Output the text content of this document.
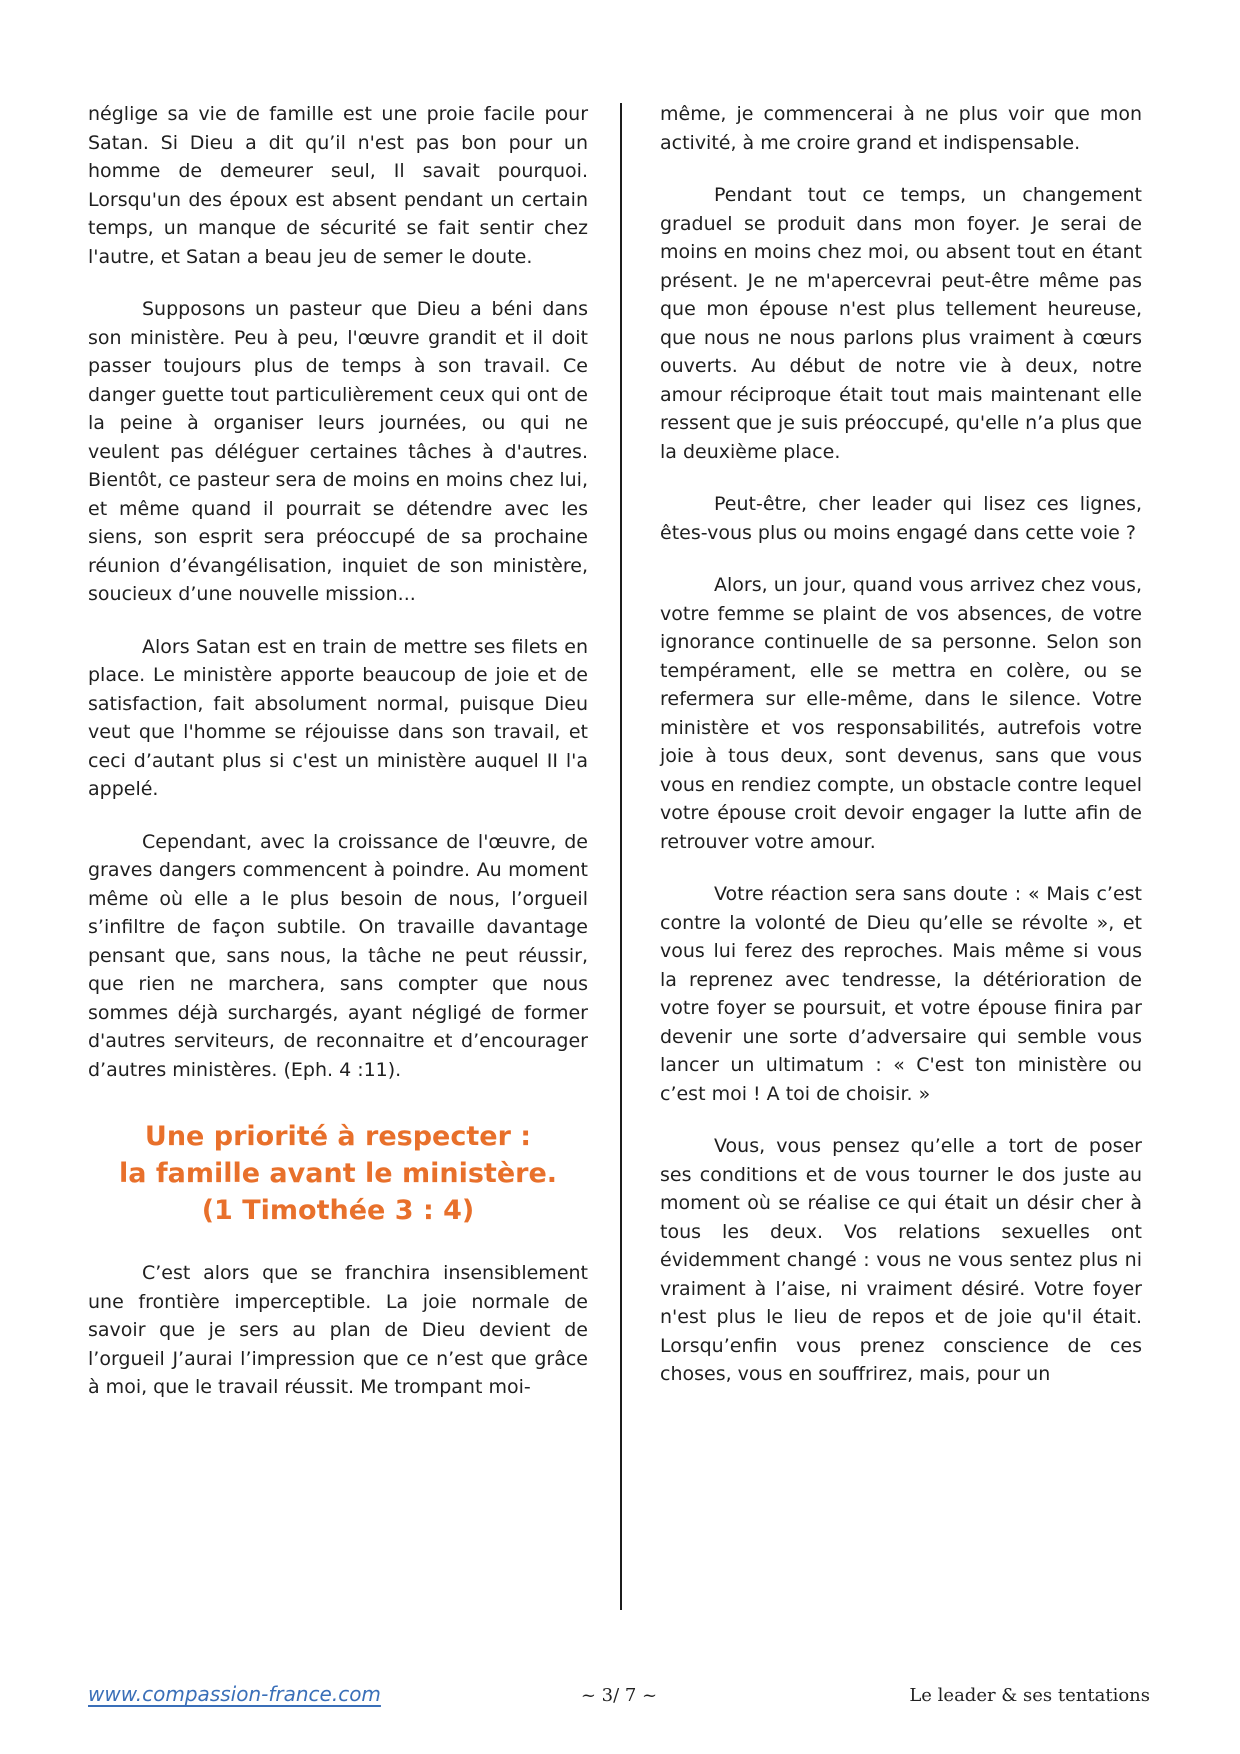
néglige sa vie de famille est une proie facile pour Satan. Si Dieu a dit qu’il n'est pas bon pour un homme de demeurer seul, Il savait pourquoi. Lorsqu'un des époux est absent pendant un certain temps, un manque de sécurité se fait sentir chez l'autre, et Satan a beau jeu de semer le doute.

Supposons un pasteur que Dieu a béni dans son ministère. Peu à peu, l'œuvre grandit et il doit passer toujours plus de temps à son travail. Ce danger guette tout particulièrement ceux qui ont de la peine à organiser leurs journées, ou qui ne veulent pas déléguer certaines tâches à d'autres. Bientôt, ce pasteur sera de moins en moins chez lui, et même quand il pourrait se détendre avec les siens, son esprit sera préoccupé de sa prochaine réunion d’évangélisation, inquiet de son ministère, soucieux d’une nouvelle mission...

Alors Satan est en train de mettre ses filets en place. Le ministère apporte beaucoup de joie et de satisfaction, fait absolument normal, puisque Dieu veut que l'homme se réjouisse dans son travail, et ceci d’autant plus si c'est un ministère auquel II l'a appelé.

Cependant, avec la croissance de l'œuvre, de graves dangers commencent à poindre. Au moment même où elle a le plus besoin de nous, l’orgueil s’infiltre de façon subtile. On travaille davantage pensant que, sans nous, la tâche ne peut réussir, que rien ne marchera, sans compter que nous sommes déjà surchargés, ayant négligé de former d'autres serviteurs, de reconnaitre et d’encourager d’autres ministères. (Eph. 4 :11).

Une priorité à respecter :
la famille avant le ministère.
(1 Timothée 3 : 4)

C’est alors que se franchira insensiblement une frontière imperceptible. La joie normale de savoir que je sers au plan de Dieu devient de l’orgueil J’aurai l’impression que ce n’est que grâce à moi, que le travail réussit. Me trompant moi-

même, je commencerai à ne plus voir que mon activité, à me croire grand et indispensable.

Pendant tout ce temps, un changement graduel se produit dans mon foyer. Je serai de moins en moins chez moi, ou absent tout en étant présent. Je ne m'apercevrai peut-être même pas que mon épouse n'est plus tellement heureuse, que nous ne nous parlons plus vraiment à cœurs ouverts. Au début de notre vie à deux, notre amour réciproque était tout mais maintenant elle ressent que je suis préoccupé, qu'elle n’a plus que la deuxième place.

Peut-être, cher leader qui lisez ces lignes, êtes-vous plus ou moins engagé dans cette voie ?

Alors, un jour, quand vous arrivez chez vous, votre femme se plaint de vos absences, de votre ignorance continuelle de sa personne. Selon son tempérament, elle se mettra en colère, ou se refermera sur elle-même, dans le silence. Votre ministère et vos responsabilités, autrefois votre joie à tous deux, sont devenus, sans que vous vous en rendiez compte, un obstacle contre lequel votre épouse croit devoir engager la lutte afin de retrouver votre amour.

Votre réaction sera sans doute : « Mais c’est contre la volonté de Dieu qu’elle se révolte », et vous lui ferez des reproches. Mais même si vous la reprenez avec tendresse, la détérioration de votre foyer se poursuit, et votre épouse finira par devenir une sorte d’adversaire qui semble vous lancer un ultimatum : « C'est ton ministère ou c’est moi ! A toi de choisir. »

Vous, vous pensez qu’elle a tort de poser ses conditions et de vous tourner le dos juste au moment où se réalise ce qui était un désir cher à tous les deux. Vos relations sexuelles ont évidemment changé : vous ne vous sentez plus ni vraiment à l’aise, ni vraiment désiré. Votre foyer n'est plus le lieu de repos et de joie qu'il était. Lorsqu’enfin vous prenez conscience de ces choses, vous en souffrirez, mais, pour un

www.compassion-france.com	~ 3/ 7 ~	Le leader & ses tentations
